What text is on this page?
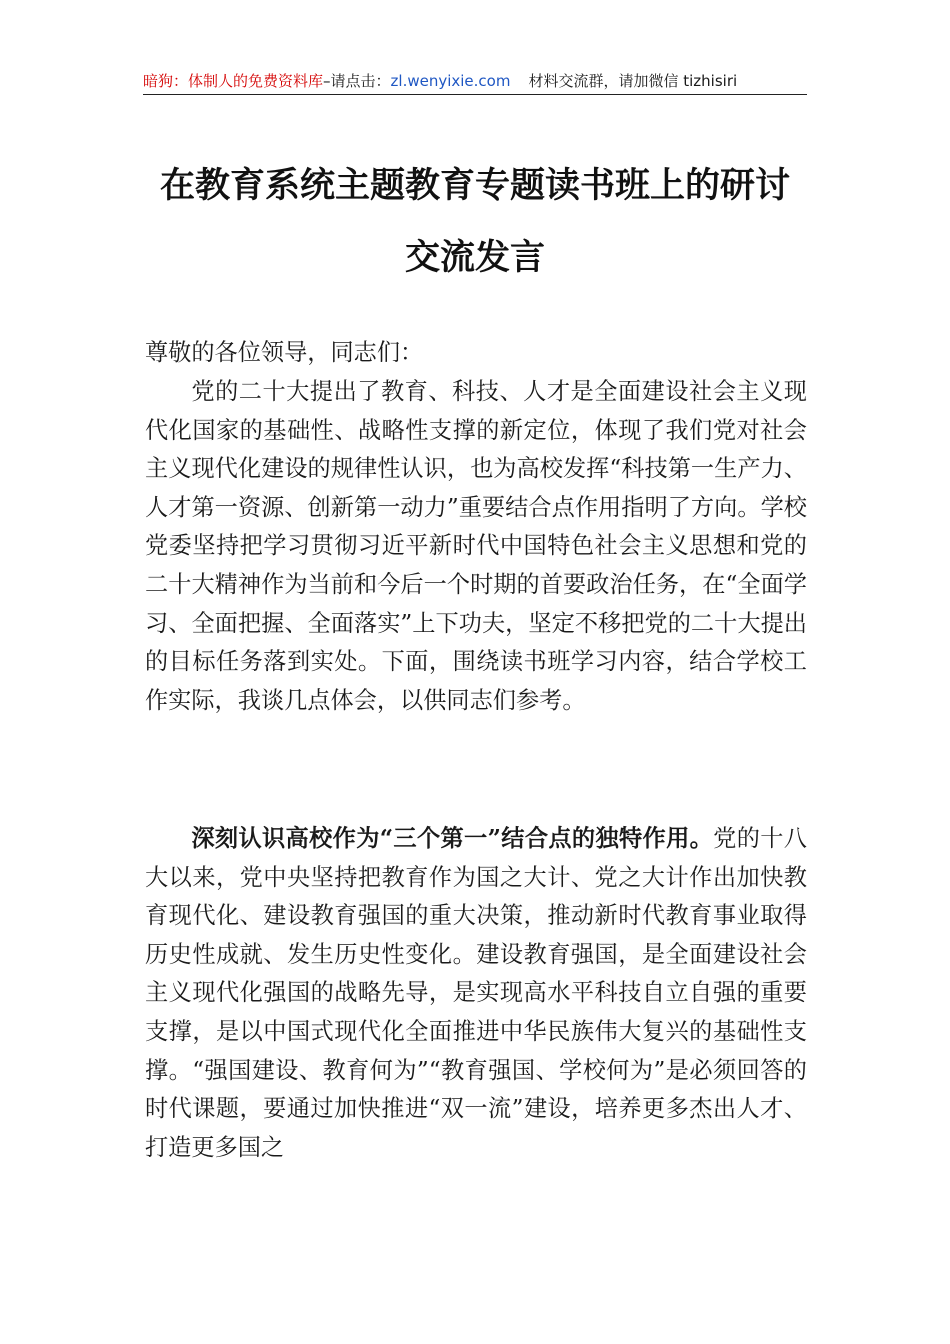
暗狗：体制人的免费资料库–请点击：zl.wenyixie.com 材料交流群，请加微信 tizhisiri
在教育系统主题教育专题读书班上的研讨
交流发言
尊敬的各位领导，同志们：
党的二十大提出了教育、科技、人才是全面建设社会主义现代化国家的基础性、战略性支撑的新定位，体现了我们党对社会主义现代化建设的规律性认识，也为高校发挥“科技第一生产力、人才第一资源、创新第一动力”重要结合点作用指明了方向。学校党委坚持把学习贯彻习近平新时代中国特色社会主义思想和党的二十大精神作为当前和今后一个时期的首要政治任务，在“全面学习、全面把握、全面落实”上下功夫，坚定不移把党的二十大提出的目标任务落到实处。下面，围绕读书班学习内容，结合学校工作实际，我谈几点体会，以供同志们参考。
深刻认识高校作为“三个第一”结合点的独特作用。党的十八大以来，党中央坚持把教育作为国之大计、党之大计作出加快教育现代化、建设教育强国的重大决策，推动新时代教育事业取得历史性成就、发生历史性变化。建设教育强国，是全面建设社会主义现代化强国的战略先导，是实现高水平科技自立自强的重要支撑，是以中国式现代化全面推进中华民族伟大复兴的基础性支撑。“强国建设、教育何为”“教育强国、学校何为”是必须回答的时代课题，要通过加快推进“双一流”建设，培养更多杰出人才、打造更多国之
